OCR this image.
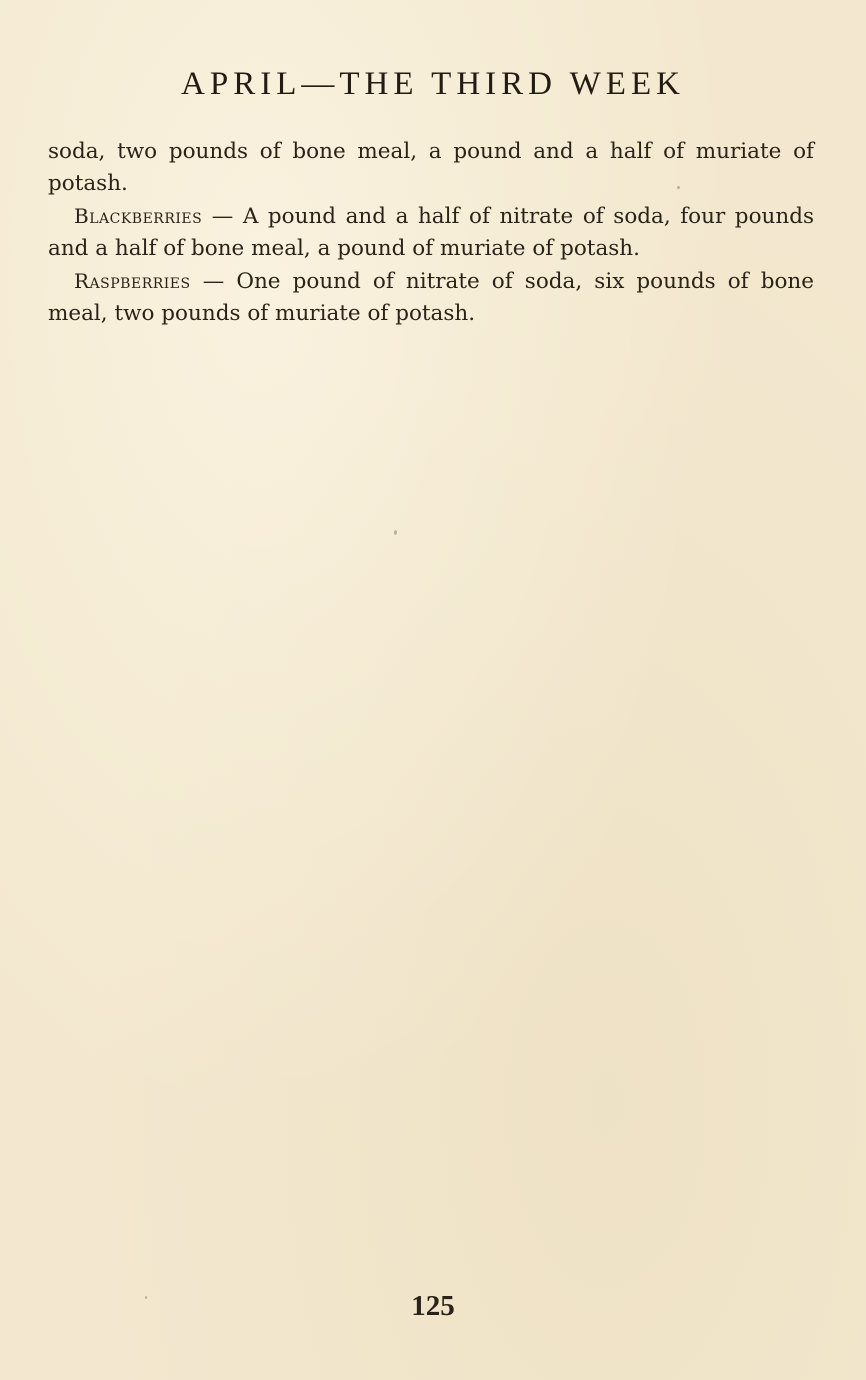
APRIL—THE THIRD WEEK

soda, two pounds of bone meal, a pound and a half of muriate of potash.

Blackberries — A pound and a half of nitrate of soda, four pounds and a half of bone meal, a pound of muriate of potash.

Raspberries — One pound of nitrate of soda, six pounds of bone meal, two pounds of muriate of potash.

125
